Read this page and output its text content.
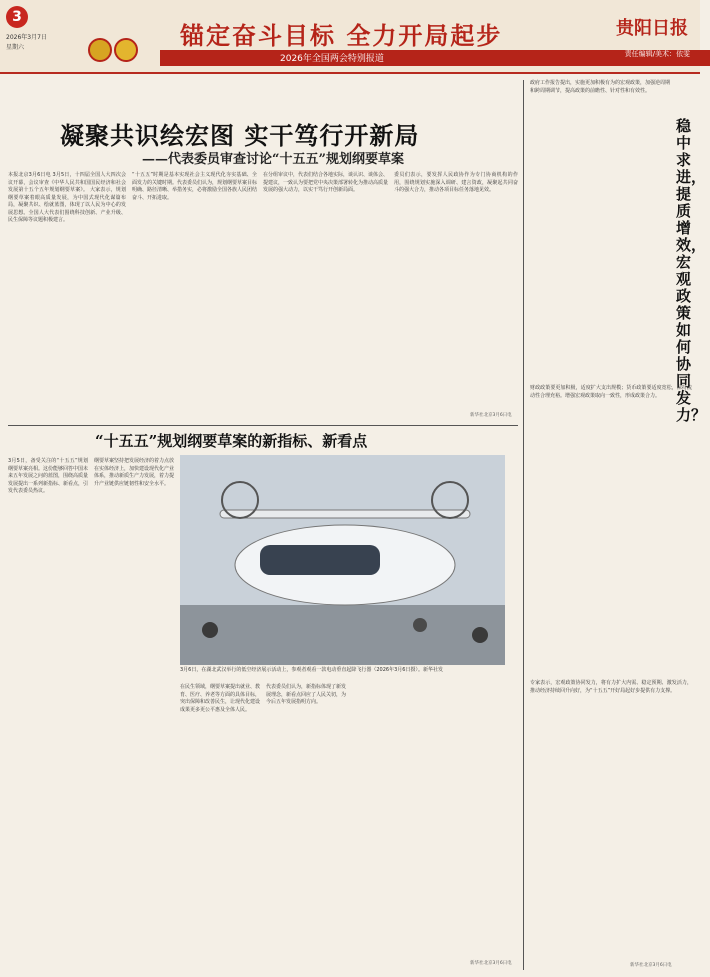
3
2026年3月7日
星期六	锚定奋斗目标 全力开局起步
2026年全国两会特别报道
贵阳日报
责任编辑/美术：依雯
凝聚共识绘宏图 实干笃行开新局
——代表委员审查讨论“十五五”规划纲要草案
本报北京3月6日电 3月5日，十四届全国人大四次会议开幕，会议审查《中华人民共和国国民经济和社会发展第十五个五年规划纲要草案》。 大家表示，规划纲要草案着眼高质量发展，为中国式现代化谋篇布局，凝聚共识、绘就蓝图，体现了以人民为中心的发展思想。全国人大代表们围绕科技创新、产业升级、民生保障等议题积极建言。
“十五五”时期是基本实现社会主义现代化夯实基础、全面发力的关键时期。代表委员们认为，规划纲要草案目标明确、路径清晰、举措务实，必将激励全国各族人民团结奋斗、开拓进取。
在分组审议中，代表们结合各地实际，谈认识、谈体会、提建议，一致认为要把党中央决策部署转化为推动高质量发展的强大动力，以实干笃行开创新局面。
委员们表示，要发挥人民政协作为专门协商机构的作用，围绕规划实施深入调研、建言资政，凝聚起共同奋斗的强大合力，推动各项目标任务落地见效。
新华社北京3月6日电
“十五五”规划纲要草案的新指标、新看点
3月5日，备受关注的“十五五”规划纲要草案亮相。这份能够回答中国未来五年发展之问的蓝图，围绕高质量发展提出一系列新指标、新看点，引发代表委员热议。
纲要草案坚持把发展经济的着力点放在实体经济上，加快建设现代化产业体系，推动新质生产力发展，着力提升产业链供应链韧性和安全水平。
3月6日，在湖北武汉举行的低空经济展示活动上，参观者观看一款电动垂直起降飞行器（2026年3月6日摄）。新华社发
在民生领域，纲要草案提出就业、教育、医疗、养老等方面的具体目标，突出保障和改善民生，让现代化建设成果更多更公平惠及全体人民。
代表委员们认为，新指标体现了新发展理念，新看点回应了人民关切，为今后五年发展指明方向。
新华社北京3月6日电
稳中求进，提质增效，宏观政策如何协同发力？
政府工作报告提出，实施更加积极有为的宏观政策，加强逆周期和跨周期调节，提高政策的前瞻性、针对性和有效性。
财政政策要更加积极，适度扩大支出规模；货币政策要适度宽松，保持流动性合理充裕。增强宏观政策取向一致性，形成政策合力。
专家表示，宏观政策协同发力，将有力扩大内需、稳定预期、激发活力，推动经济持续回升向好，为“十五五”开好局起好步提供有力支撑。
新华社北京3月6日电
